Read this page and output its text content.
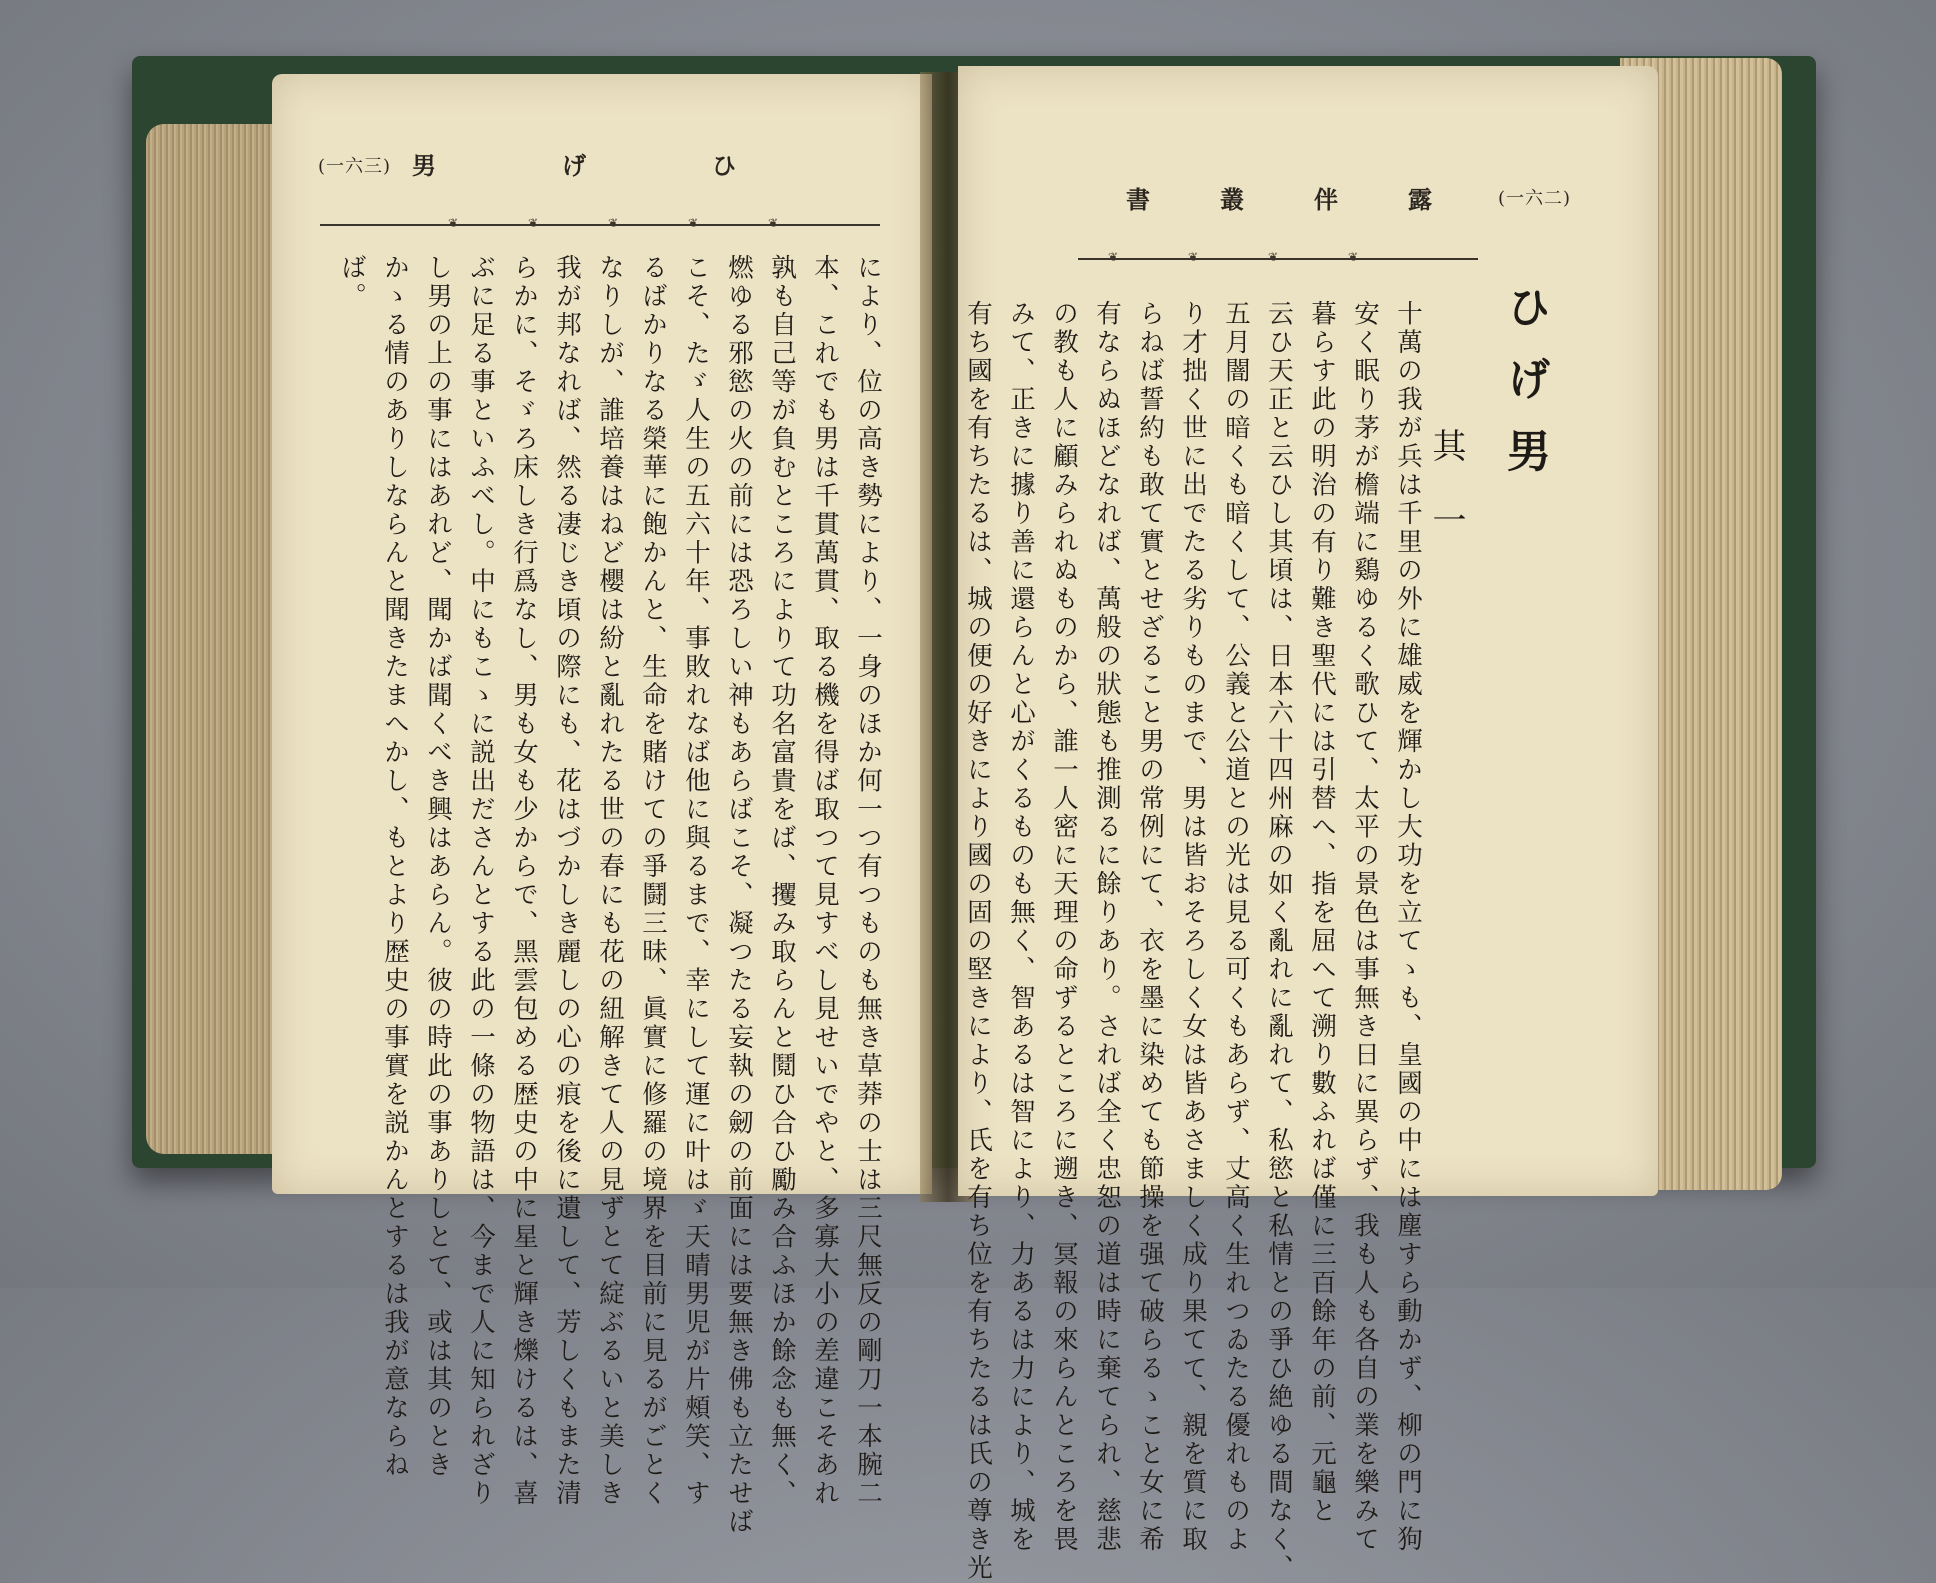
(一六三) 男	げ	ひ
❦	❦	❦	❦	❦
により、位の高き勢により、一身のほか何一つ有つものも無き草莽の士は三尺無反の剛刀一本腕二
本、これでも男は千貫萬貫、取る機を得ば取つて見すべし見せいでやと、多寡大小の差違こそあれ
孰も自己等が負むところによりて功名富貴をば、攫み取らんと鬩ひ合ひ勵み合ふほか餘念も無く、
燃ゆる邪慾の火の前には恐ろしい神もあらばこそ、凝つたる妄執の劒の前面には要無き佛も立たせば
こそ、たゞ人生の五六十年、事敗れなば他に與るまで、幸にして運に叶はゞ天晴男児が片頰笑、す
るばかりなる榮華に飽かんと、生命を賭けての爭鬪三昧、眞實に修羅の境界を目前に見るがごとく
なりしが、誰培養はねど櫻は紛と亂れたる世の春にも花の紐解きて人の見ずとて綻ぶるいと美しき
我が邦なれば、然る凄じき頃の際にも、花はづかしき麗しの心の痕を後に遺して、芳しくもまた清
らかに、そゞろ床しき行爲なし、男も女も少からで、黑雲包める歴史の中に星と輝き爍けるは、喜
ぶに足る事といふべし。中にもこゝに説出ださんとする此の一條の物語は、今まで人に知られざり
し男の上の事にはあれど、聞かば聞くべき興はあらん。彼の時此の事ありしとて、或は其のとき
かゝる情のありしならんと聞きたまへかし、もとより歴史の事實を説かんとするは我が意ならね
ば。
書	叢	伴	露	(一六二)
❦	❦	❦	❦
ひげ男
其一
十萬の我が兵は千里の外に雄威を輝かし大功を立てゝも、皇國の中には塵すら動かず、柳の門に狗
安く眠り茅が檐端に鷄ゆるく歌ひて、太平の景色は事無き日に異らず、我も人も各自の業を樂みて
暮らす此の明治の有り難き聖代には引替へ、指を屈へて溯り數ふれば僅に三百餘年の前、元龜と
云ひ天正と云ひし其頃は、日本六十四州麻の如く亂れに亂れて、私慾と私情との爭ひ絶ゆる間なく、
五月闇の暗くも暗くして、公義と公道との光は見る可くもあらず、丈高く生れつゐたる優れものよ
り才拙く世に出でたる劣りものまで、男は皆おそろしく女は皆あさましく成り果てて、親を質に取
らねば誓約も敢て實とせざること男の常例にて、衣を墨に染めても節操を强て破らるゝこと女に希
有ならぬほどなれば、萬般の狀態も推測るに餘りあり。されば全く忠恕の道は時に棄てられ、慈悲
の教も人に顧みられぬものから、誰一人密に天理の命ずるところに遡き、冥報の來らんところを畏
みて、正きに據り善に還らんと心がくるものも無く、智あるは智により、力あるは力により、城を
有ち國を有ちたるは、城の便の好きにより國の固の堅きにより、氏を有ち位を有ちたるは氏の尊き光
